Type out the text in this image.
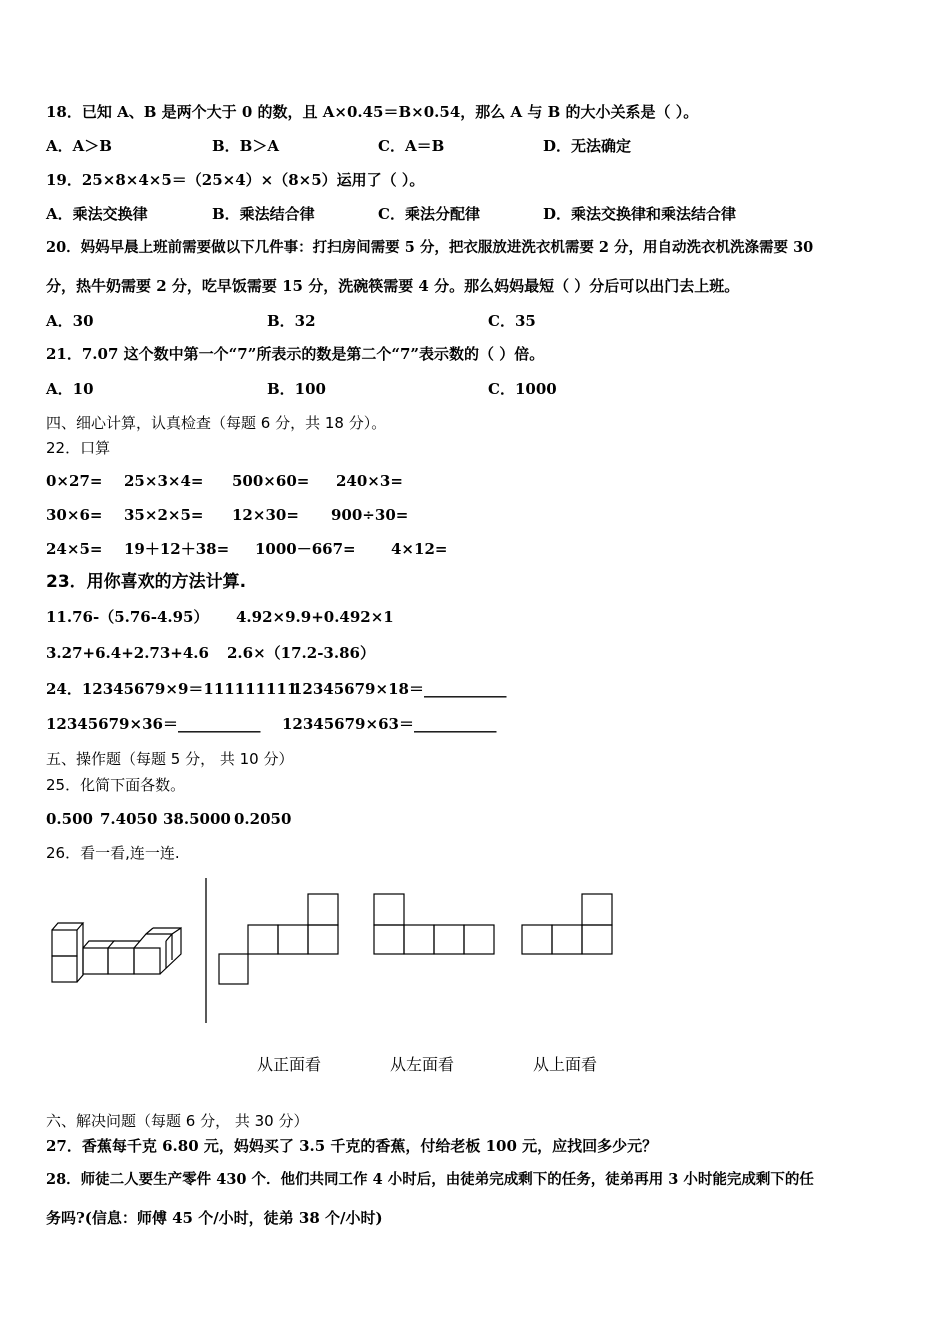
18．已知 A、B 是两个大于 0 的数，且 A×0.45＝B×0.54，那么 A 与 B 的大小关系是（ ）。
A．A＞B	B．B＞A	C．A＝B	D．无法确定
19．25×8×4×5＝（25×4）×（8×5）运用了（ ）。
A．乘法交换律	B．乘法结合律	C．乘法分配律	D．乘法交换律和乘法结合律
20．妈妈早晨上班前需要做以下几件事：打扫房间需要 5 分，把衣服放进洗衣机需要 2 分，用自动洗衣机洗涤需要 30
分，热牛奶需要 2 分，吃早饭需要 15 分，洗碗筷需要 4 分。那么妈妈最短（ ）分后可以出门去上班。
A．30	B．32	C．35
21．7.07 这个数中第一个“7”所表示的数是第二个“7”表示数的（ ）倍。
A．10	B．100	C．1000
四、细心计算，认真检查（每题 6 分，共 18 分）。
22．口算
0×27= 25×3×4= 500×60= 240×3=
30×6= 35×2×5= 12×30= 900÷30=
24×5= 19＋12＋38= 1000－667= 4×12=
23．用你喜欢的方法计算.
11.76-（5.76-4.95） 4.92×9.9+0.492×1
3.27+6.4+2.73+4.6 2.6×（17.2-3.86）
24．12345679×9＝111111111
12345679×18＝___________
12345679×36＝___________ 12345679×63＝___________
五、操作题（每题 5 分， 共 10 分）
25．化简下面各数。
0.500 7.4050 38.5000 0.2050
26．看一看,连一连.
从正面看	从左面看	从上面看
六、解决问题（每题 6 分， 共 30 分）
27．香蕉每千克 6.80 元，妈妈买了 3.5 千克的香蕉，付给老板 100 元，应找回多少元？
28．师徒二人要生产零件 430 个．他们共同工作 4 小时后，由徒弟完成剩下的任务，徒弟再用 3 小时能完成剩下的任
务吗?(信息：师傅 45 个/小时，徒弟 38 个/小时)
